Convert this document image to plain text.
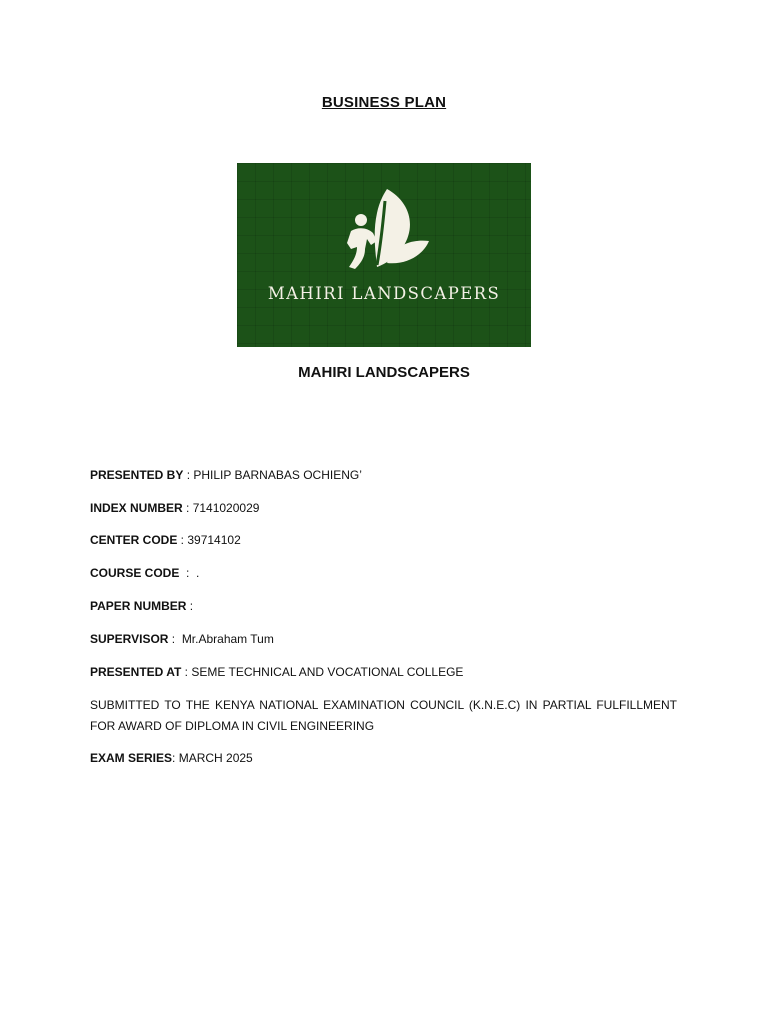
BUSINESS PLAN
MAHIRI LANDSCAPERS
MAHIRI LANDSCAPERS
PRESENTED BY : PHILIP BARNABAS OCHIENG’
INDEX NUMBER : 7141020029
CENTER CODE : 39714102
COURSE CODE  :  .
PAPER NUMBER :
SUPERVISOR :  Mr.Abraham Tum
PRESENTED AT : SEME TECHNICAL AND VOCATIONAL COLLEGE
SUBMITTED TO THE KENYA NATIONAL EXAMINATION COUNCIL (K.N.E.C) IN PARTIAL FULFILLMENT FOR AWARD OF DIPLOMA IN CIVIL ENGINEERING
EXAM SERIES: MARCH 2025
